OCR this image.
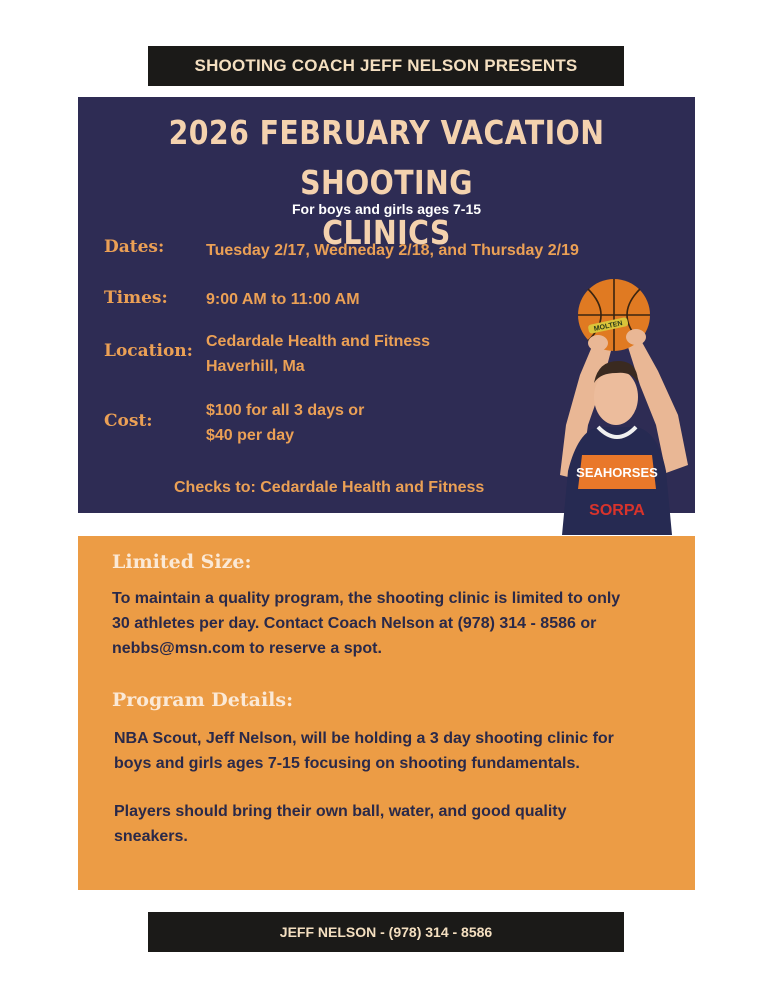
SHOOTING COACH JEFF NELSON PRESENTS
2026 FEBRUARY VACATION SHOOTING
CLINICS
For boys and girls ages 7-15
Dates:	Tuesday 2/17, Wedneday 2/18, and Thursday 2/19
Times: 9:00 AM to 11:00 AM
Location: Cedardale Health and Fitness
Haverhill, Ma
Cost:
$100 for all 3 days or
$40 per day
Checks to: Cedardale Health and Fitness
MOLTEN
SEAHORSES
SORPA
Limited Size:
To maintain a quality program, the shooting clinic is limited to only
30 athletes per day. Contact Coach Nelson at (978) 314 - 8586 or
nebbs@msn.com to reserve a spot.
Program Details:
NBA Scout, Jeff Nelson, will be holding a 3 day shooting clinic for
boys and girls ages 7-15 focusing on shooting fundamentals.
Players should bring their own ball, water, and good quality
sneakers.
JEFF NELSON - (978) 314 - 8586
